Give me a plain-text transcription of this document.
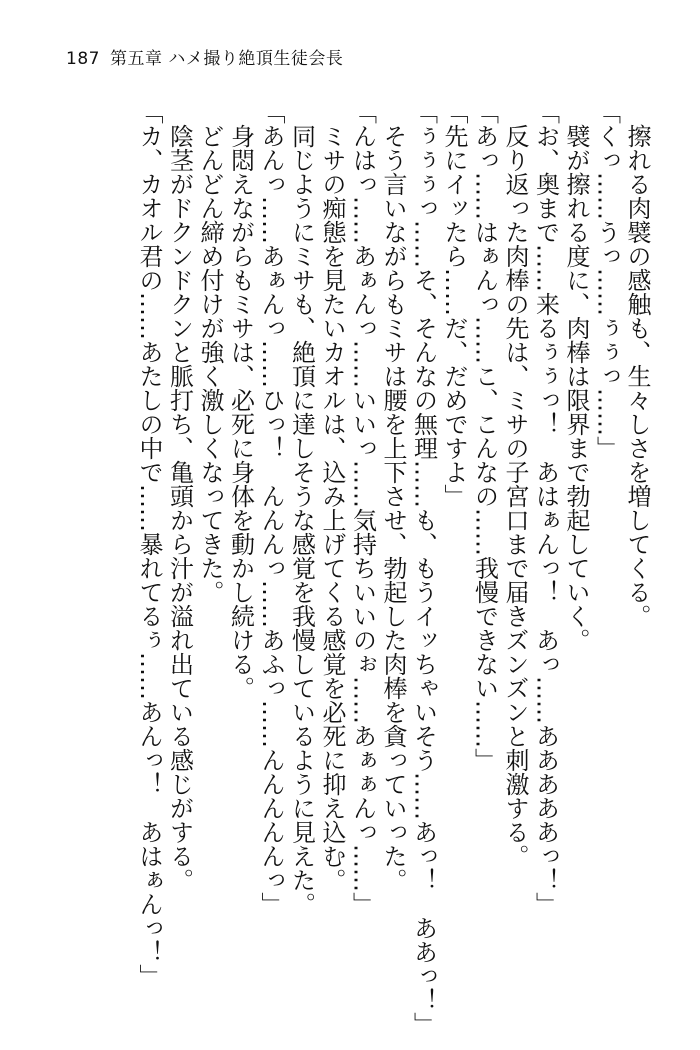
187 第五章 ハメ撮り絶頂生徒会長
　擦れる肉襞の感触も、生々しさを増してくる。
「くっ……うっ……ぅぅっ……」
　襞が擦れる度に、肉棒は限界まで勃起していく。
「お、奥まで……来るぅぅっ！　あはぁんっ！　あっ……あああああっ！」
　反り返った肉棒の先は、ミサの子宮口まで届きズンズンと刺激する。
「あっ……はぁんっ……こ、こんなの……我慢できない……」
「先にイッたら……だ、だめですよ」
「ぅぅぅっ……そ、そんなの無理……も、もうイッちゃいそう……あっ！　ああっ！」
　そう言いながらもミサは腰を上下させ、勃起した肉棒を貪っていった。
「んはっ……あぁんっ……いいっ……気持ちいいのぉ……あぁぁんっ……」
　ミサの痴態を見たいカオルは、込み上げてくる感覚を必死に抑え込む。
　同じようにミサも、絶頂に達しそうな感覚を我慢しているように見えた。
「あんっ……あぁんっ……ひっ！　んんんっ……あふっ……んんんんんっ」
　身悶えながらもミサは、必死に身体を動かし続ける。
　どんどん締め付けが強く激しくなってきた。
　陰茎がドクンドクンと脈打ち、亀頭から汁が溢れ出ている感じがする。
「カ、カオル君の……あたしの中で……暴れてるぅ……あんっ！　あはぁんっ！」
